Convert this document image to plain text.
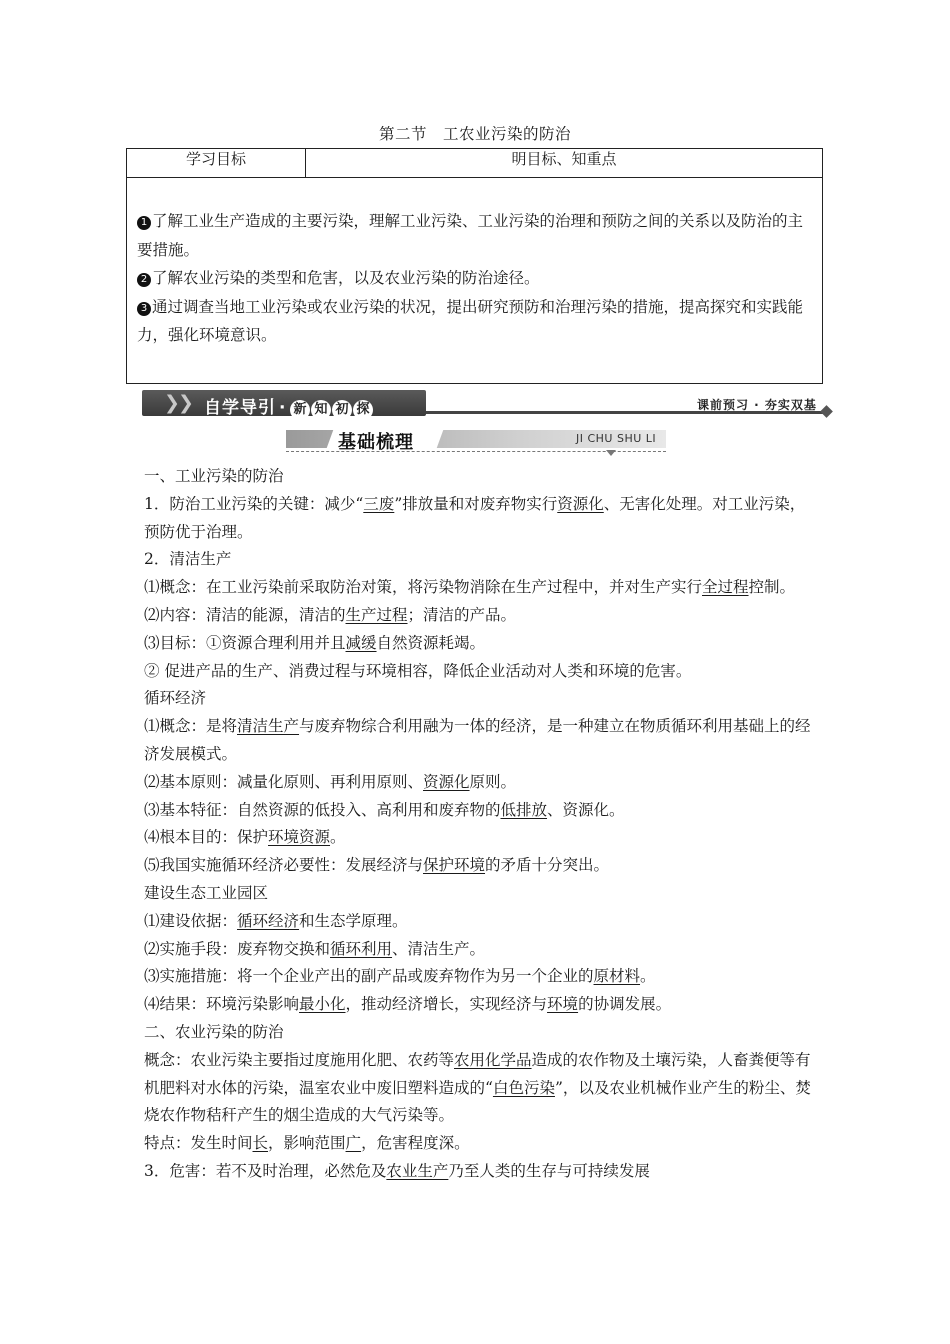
第二节　工农业污染的防治
学习目标	明目标、知重点

1 了解工业生产造成的主要污染，理解工业污染、工业污染的治理和预防之间的关系以及防治的主要措施。

2 了解农业污染的类型和危害，以及农业污染的防治途径。

3 通过调查当地工业污染或农业污染的状况，提出研究预防和治理污染的措施，提高探究和实践能力，强化环境意识。

❯
❯ 自学导引 · 新 知 初 探	课前预习 · 夯实双基
基础梳理	JI CHU SHU LI

一、工业污染的防治

1．防治工业污染的关键：减少“三废”排放量和对废弃物实行资源化、无害化处理。对工业污染，预防优于治理。

2．清洁生产

⑴概念：在工业污染前采取防治对策，将污染物消除在生产过程中，并对生产实行全过程控制。

⑵内容：清洁的能源，清洁的生产过程；清洁的产品。

⑶目标：①资源合理利用并且减缓自然资源耗竭。

② 促进产品的生产、消费过程与环境相容，降低企业活动对人类和环境的危害。

循环经济

⑴概念：是将清洁生产与废弃物综合利用融为一体的经济，是一种建立在物质循环利用基础上的经济发展模式。

⑵基本原则：减量化原则、再利用原则、资源化原则。

⑶基本特征：自然资源的低投入、高利用和废弃物的低排放、资源化。

⑷根本目的：保护环境资源。

⑸我国实施循环经济必要性：发展经济与保护环境的矛盾十分突出。

建设生态工业园区

⑴建设依据：循环经济和生态学原理。

⑵实施手段：废弃物交换和循环利用、清洁生产。

⑶实施措施：将一个企业产出的副产品或废弃物作为另一个企业的原材料。

⑷结果：环境污染影响最小化，推动经济增长，实现经济与环境的协调发展。

二、农业污染的防治

概念：农业污染主要指过度施用化肥、农药等农用化学品造成的农作物及土壤污染，人畜粪便等有机肥料对水体的污染，温室农业中废旧塑料造成的“白色污染”，以及农业机械作业产生的粉尘、焚烧农作物秸秆产生的烟尘造成的大气污染等。

特点：发生时间长，影响范围广，危害程度深。

3．危害：若不及时治理，必然危及农业生产乃至人类的生存与可持续发展
